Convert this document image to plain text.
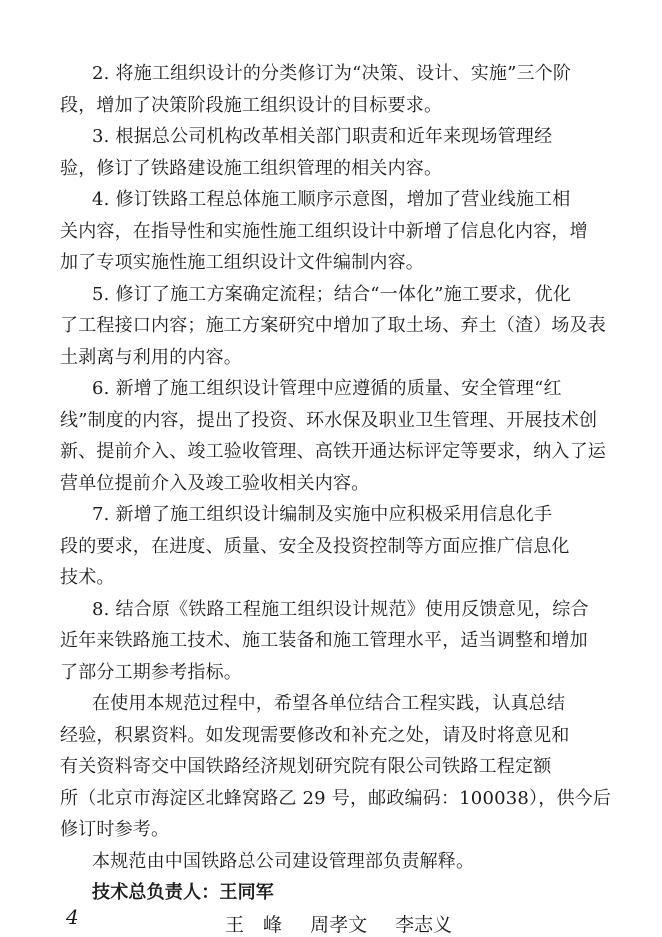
2. 将施工组织设计的分类修订为“决策、设计、实施”三个阶
段，增加了决策阶段施工组织设计的目标要求。
3. 根据总公司机构改革相关部门职责和近年来现场管理经
验，修订了铁路建设施工组织管理的相关内容。
4. 修订铁路工程总体施工顺序示意图，增加了营业线施工相
关内容，在指导性和实施性施工组织设计中新增了信息化内容，增
加了专项实施性施工组织设计文件编制内容。
5. 修订了施工方案确定流程；结合“一体化”施工要求，优化
了工程接口内容；施工方案研究中增加了取土场、弃土（渣）场及表
土剥离与利用的内容。
6. 新增了施工组织设计管理中应遵循的质量、安全管理“红
线”制度的内容，提出了投资、环水保及职业卫生管理、开展技术创
新、提前介入、竣工验收管理、高铁开通达标评定等要求，纳入了运
营单位提前介入及竣工验收相关内容。
7. 新增了施工组织设计编制及实施中应积极采用信息化手
段的要求，在进度、质量、安全及投资控制等方面应推广信息化
技术。
8. 结合原《铁路工程施工组织设计规范》使用反馈意见，综合
近年来铁路施工技术、施工装备和施工管理水平，适当调整和增加
了部分工期参考指标。
在使用本规范过程中，希望各单位结合工程实践，认真总结
经验，积累资料。如发现需要修改和补充之处，请及时将意见和
有关资料寄交中国铁路经济规划研究院有限公司铁路工程定额
所（北京市海淀区北蜂窝路乙 29 号，邮政编码：100038），供今后
修订时参考。
本规范由中国铁路总公司建设管理部负责解释。
技术总负责人：王同军
王　峰 周孝文 李志义
4
